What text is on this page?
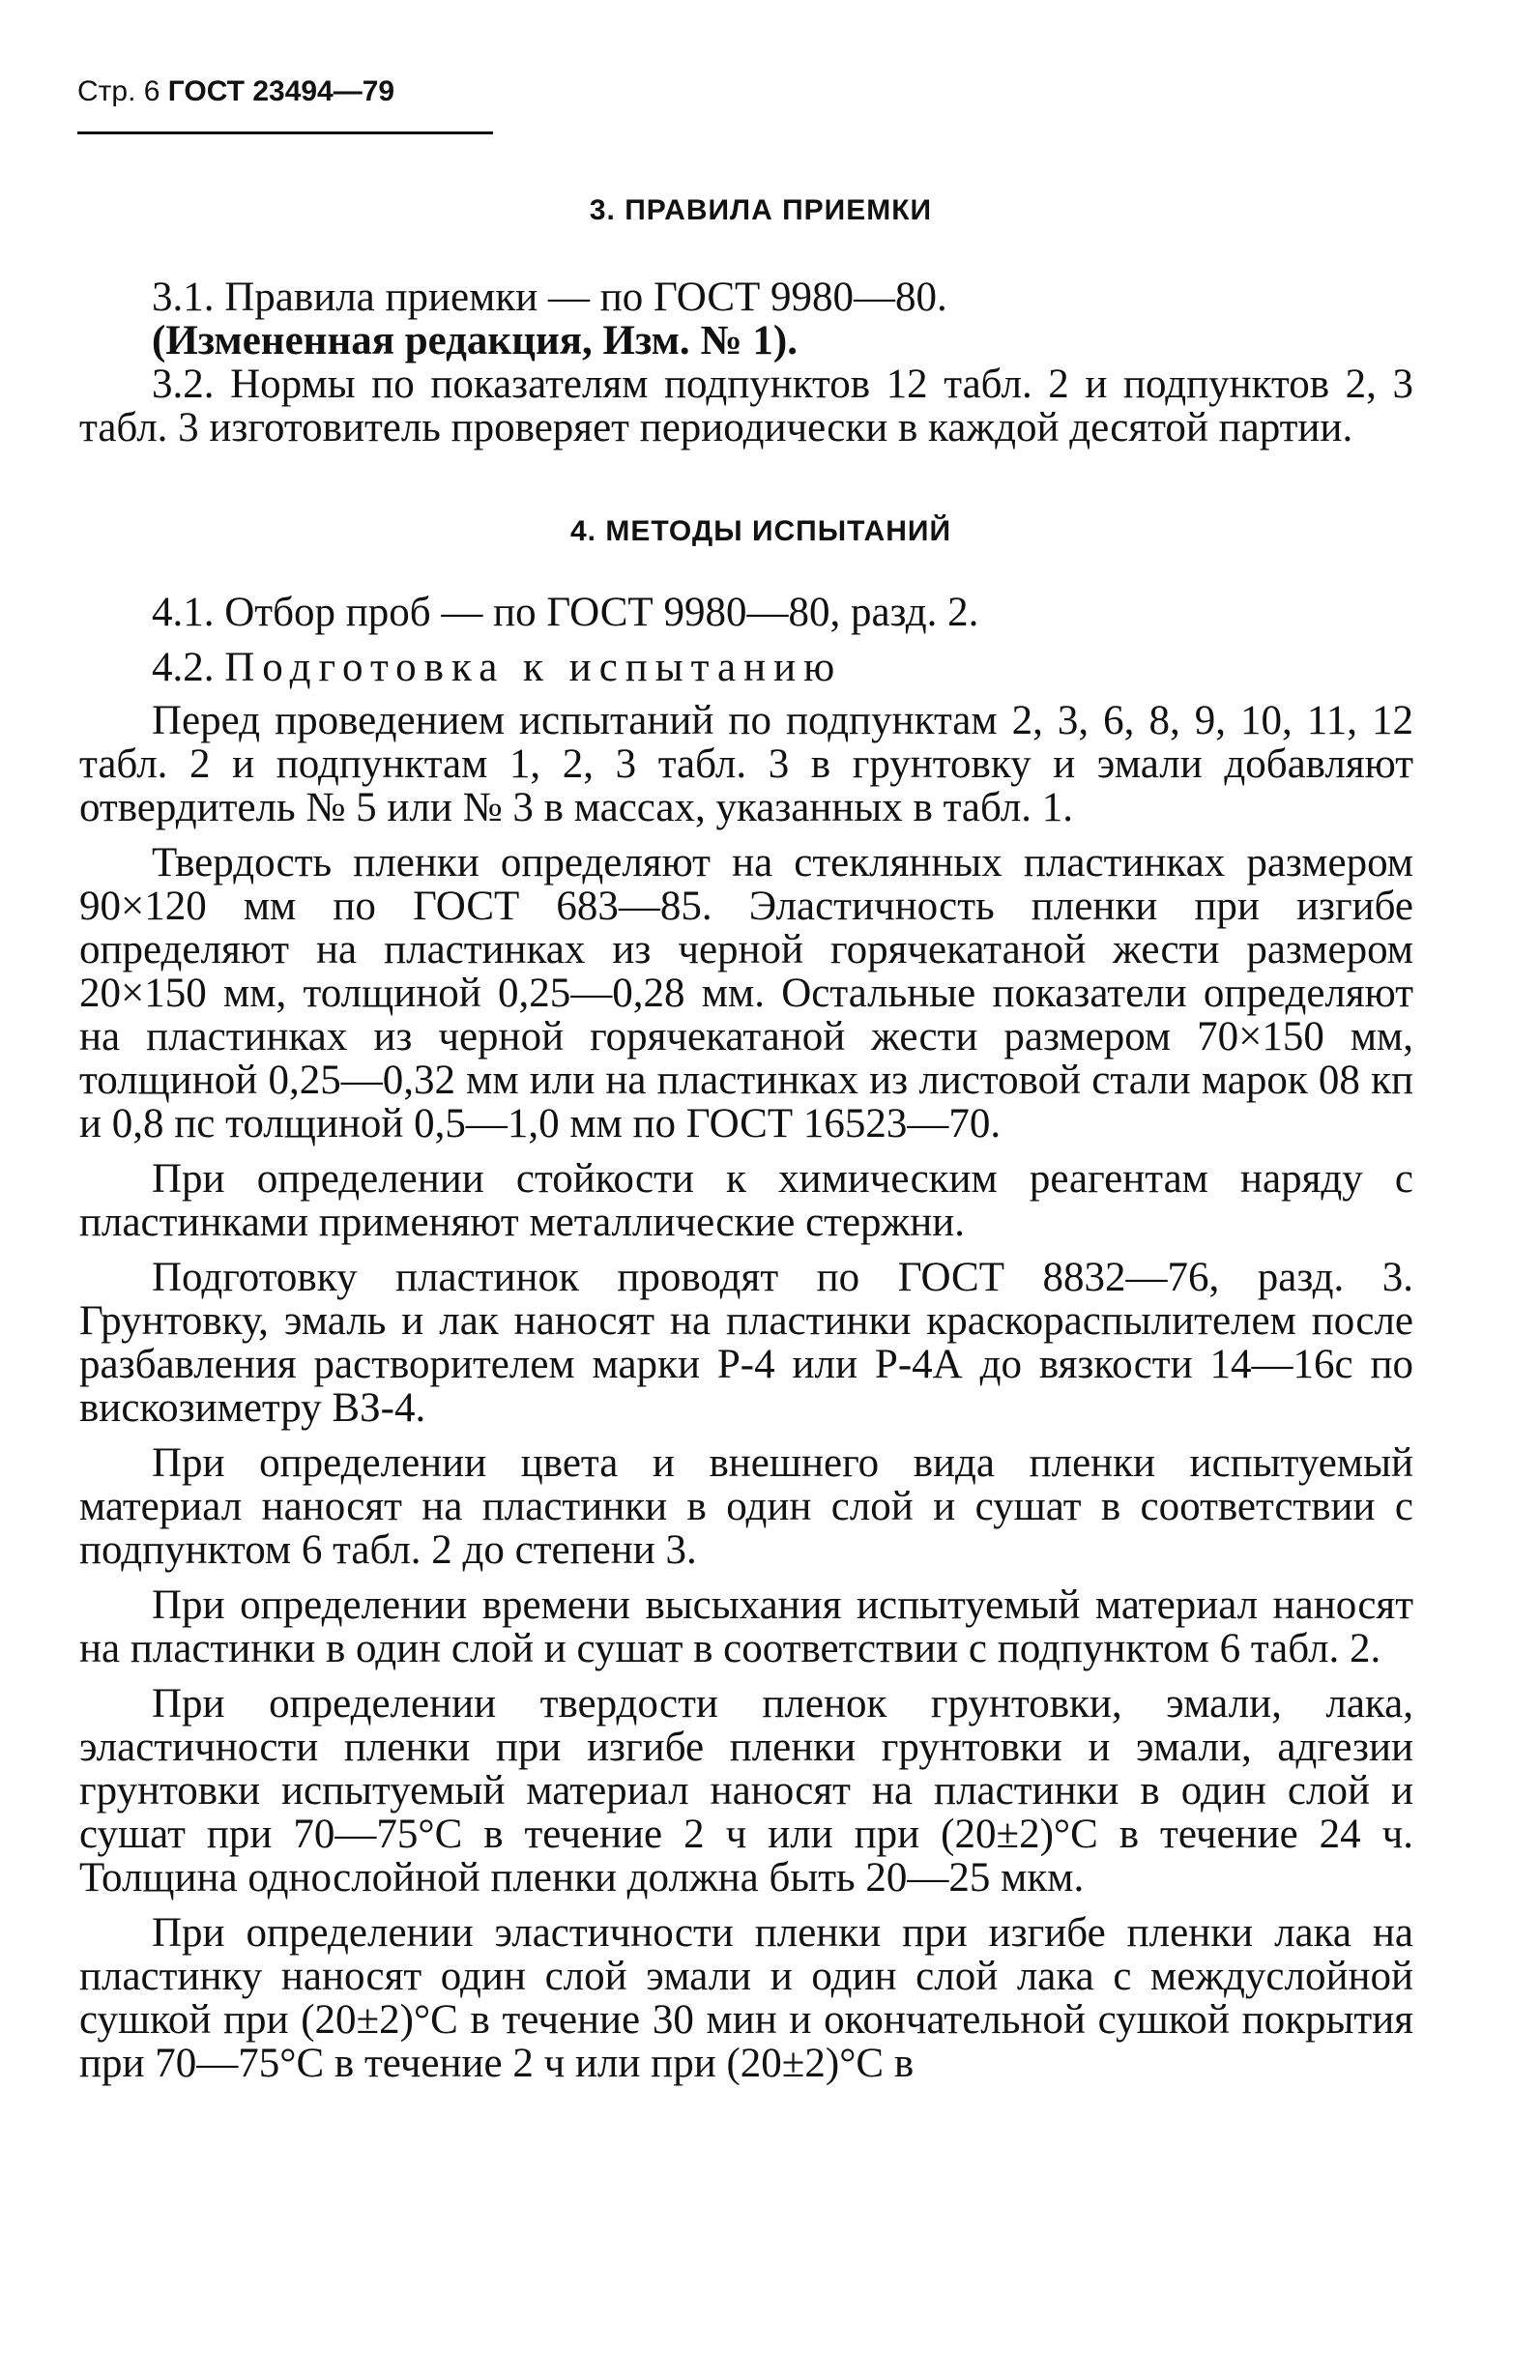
Стр. 6 ГОСТ 23494—79
3. ПРАВИЛА ПРИЕМКИ

3.1. Правила приемки — по ГОСТ 9980—80.

(Измененная редакция, Изм. № 1).

3.2. Нормы по показателям подпунктов 12 табл. 2 и подпунктов 2, 3 табл. 3 изготовитель проверяет периодически в каждой десятой партии.

4. МЕТОДЫ ИСПЫТАНИЙ

4.1. Отбор проб — по ГОСТ 9980—80, разд. 2.

4.2. Подготовка к испытанию

Перед проведением испытаний по подпунктам 2, 3, 6, 8, 9, 10, 11, 12 табл. 2 и подпунктам 1, 2, 3 табл. 3 в грунтовку и эмали добавляют отвердитель № 5 или № 3 в массах, указанных в табл. 1.

Твердость пленки определяют на стеклянных пластинках размером 90×120 мм по ГОСТ 683—85. Эластичность пленки при изгибе определяют на пластинках из черной горячекатаной жести размером 20×150 мм, толщиной 0,25—0,28 мм. Остальные показатели определяют на пластинках из черной горячекатаной жести размером 70×150 мм, толщиной 0,25—0,32 мм или на пластинках из листовой стали марок 08 кп и 0,8 пс толщиной 0,5—1,0 мм по ГОСТ 16523—70.

При определении стойкости к химическим реагентам наряду с пластинками применяют металлические стержни.

Подготовку пластинок проводят по ГОСТ 8832—76, разд. 3. Грунтовку, эмаль и лак наносят на пластинки краскораспылителем после разбавления растворителем марки Р-4 или Р-4А до вязкости 14—16с по вискозиметру ВЗ-4.

При определении цвета и внешнего вида пленки испытуемый материал наносят на пластинки в один слой и сушат в соответствии с подпунктом 6 табл. 2 до степени 3.

При определении времени высыхания испытуемый материал наносят на пластинки в один слой и сушат в соответствии с подпунктом 6 табл. 2.

При определении твердости пленок грунтовки, эмали, лака, эластичности пленки при изгибе пленки грунтовки и эмали, адгезии грунтовки испытуемый материал наносят на пластинки в один слой и сушат при 70—75°С в течение 2 ч или при (20±2)°С в течение 24 ч. Толщина однослойной пленки должна быть 20—25 мкм.

При определении эластичности пленки при изгибе пленки лака на пластинку наносят один слой эмали и один слой лака с междуслойной сушкой при (20±2)°С в течение 30 мин и окончательной сушкой покрытия при 70—75°С в течение 2 ч или при (20±2)°С в
